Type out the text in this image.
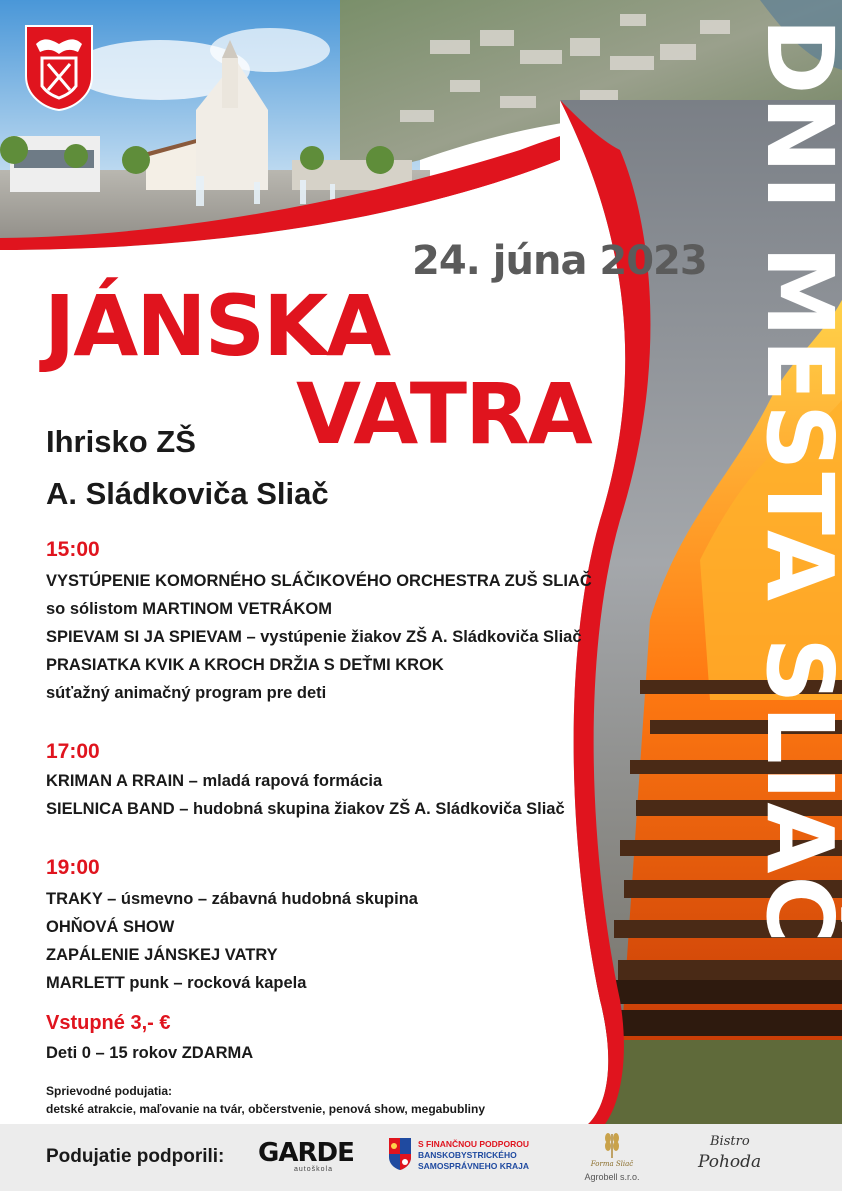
DNI MESTA SLIAČ
24. júna 2023
JÁNSKA
VATRA
Ihrisko ZŠ
A. Sládkoviča Sliač
15:00
VYSTÚPENIE KOMORNÉHO SLÁČIKOVÉHO ORCHESTRA ZUŠ SLIAČ
so sólistom MARTINOM VETRÁKOM
SPIEVAM SI JA SPIEVAM – vystúpenie žiakov ZŠ A. Sládkoviča Sliač
PRASIATKA KVIK A KROCH DRŽIA S DEŤMI KROK
súťažný animačný program pre deti
17:00
KRIMAN A RRAIN – mladá rapová formácia
SIELNICA BAND – hudobná skupina žiakov ZŠ A. Sládkoviča Sliač
19:00
TRAKY – úsmevno – zábavná hudobná skupina
OHŇOVÁ SHOW
ZAPÁLENIE JÁNSKEJ VATRY
MARLETT punk – rocková kapela
Vstupné 3,- €
Deti 0 – 15 rokov ZDARMA
Sprievodné podujatia:
detské atrakcie, maľovanie na tvár, občerstvenie, penová show, megabubliny
Podujatie podporili: GARDE
autoškola
S FINANČNOU PODPOROU
BANSKOBYSTRICKÉHO
SAMOSPRÁVNEHO KRAJA	Forma Sliač
Agrobell s.r.o.
Bistro
Pohoda
